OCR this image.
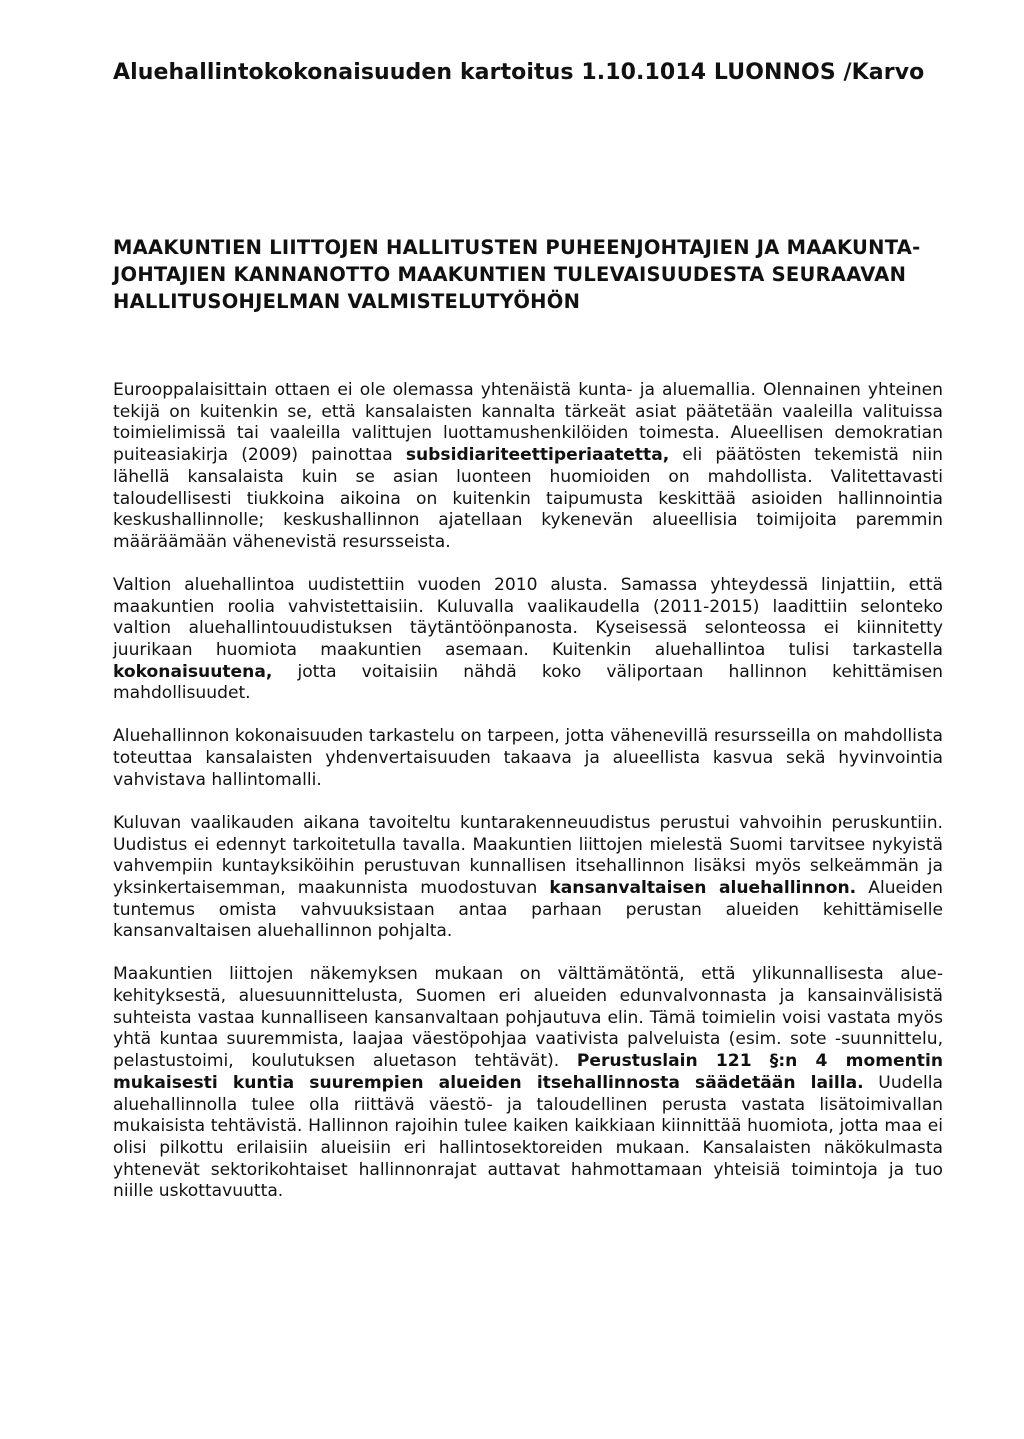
Aluehallintokokonaisuuden kartoitus 1.10.1014 LUONNOS /Karvo
MAAKUNTIEN LIITTOJEN HALLITUSTEN PUHEENJOHTAJIEN JA MAAKUNTA-
JOHTAJIEN KANNANOTTO MAAKUNTIEN TULEVAISUUDESTA SEURAAVAN
HALLITUSOHJELMAN VALMISTELUTYÖHÖN

Eurooppalaisittain ottaen ei ole olemassa yhtenäistä kunta- ja aluemallia. Olennainen yhteinen tekijä on kuitenkin se, että kansalaisten kannalta tärkeät asiat päätetään vaaleilla valituissa toimielimissä tai vaaleilla valittujen luottamushenkilöiden toimesta. Alueellisen demokratian puiteasiakirja (2009) painottaa subsidiariteettiperiaatetta, eli päätösten tekemistä niin lähellä kansalaista kuin se asian luonteen huomioiden on mahdollista. Valitettavasti taloudellisesti tiukkoina aikoina on kuitenkin taipumusta keskittää asioiden hallinnointia keskushallinnolle; keskushallinnon ajatellaan kykenevän alueellisia toimijoita paremmin määräämään vähenevistä resursseista.

Valtion aluehallintoa uudistettiin vuoden 2010 alusta. Samassa yhteydessä linjattiin, että maakuntien roolia vahvistettaisiin. Kuluvalla vaalikaudella (2011-2015) laadittiin selonteko valtion aluehallintouudistuksen täytäntöönpanosta. Kyseisessä selonteossa ei kiinnitetty juurikaan huomiota maakuntien asemaan. Kuitenkin aluehallintoa tulisi tarkastella kokonaisuutena, jotta voitaisiin nähdä koko väliportaan hallinnon kehittämisen mahdollisuudet.

Aluehallinnon kokonaisuuden tarkastelu on tarpeen, jotta vähenevillä resursseilla on mahdollista toteuttaa kansalaisten yhdenvertaisuuden takaava ja alueellista kasvua sekä hyvinvointia vahvistava hallintomalli.

Kuluvan vaalikauden aikana tavoiteltu kuntarakenneuudistus perustui vahvoihin peruskuntiin. Uudistus ei edennyt tarkoitetulla tavalla. Maakuntien liittojen mielestä Suomi tarvitsee nykyistä vahvempiin kuntayksiköihin perustuvan kunnallisen itsehallinnon lisäksi myös selkeämmän ja yksinkertaisemman, maakunnista muodostuvan kansanvaltaisen aluehallinnon. Alueiden tuntemus omista vahvuuksistaan antaa parhaan perustan alueiden kehittämiselle kansanvaltaisen aluehallinnon pohjalta.

Maakuntien liittojen näkemyksen mukaan on välttämätöntä, että ylikunnallisesta aluekehityksestä, aluesuunnittelusta, Suomen eri alueiden edunvalvonnasta ja kansainvälisistä suhteista vastaa kunnalliseen kansanvaltaan pohjautuva elin. Tämä toimielin voisi vastata myös yhtä kuntaa suuremmista, laajaa väestöpohjaa vaativista palveluista (esim. sote -suunnittelu, pelastustoimi, koulutuksen aluetason tehtävät). Perustuslain 121 §:n 4 momentin mukaisesti kuntia suurempien alueiden itsehallinnosta säädetään lailla. Uudella aluehallinnolla tulee olla riittävä väestö- ja taloudellinen perusta vastata lisätoimivallan mukaisista tehtävistä. Hallinnon rajoihin tulee kaiken kaikkiaan kiinnittää huomiota, jotta maa ei olisi pilkottu erilaisiin alueisiin eri hallintosektoreiden mukaan. Kansalaisten näkökulmasta yhtenevät sektorikohtaiset hallinnonrajat auttavat hahmottamaan yhteisiä toimintoja ja tuo niille uskottavuutta.
